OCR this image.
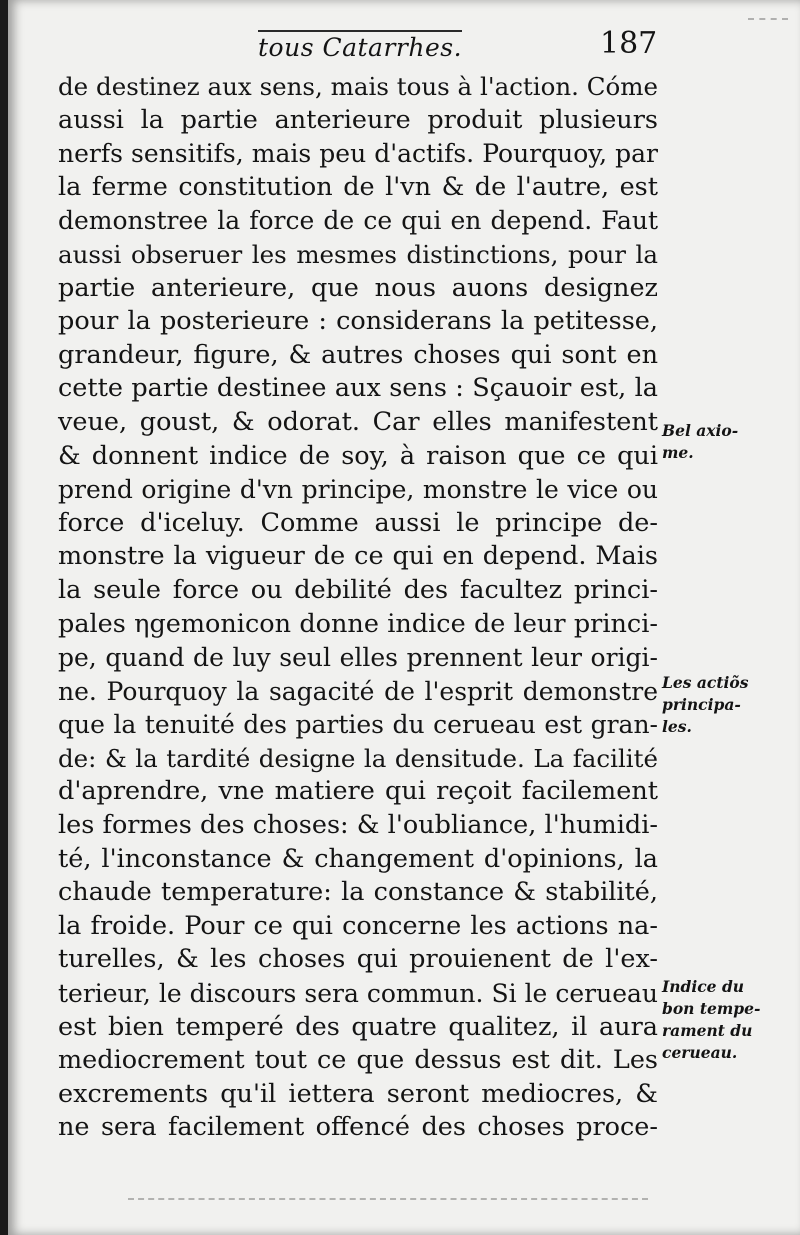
tous Catarrhes.	187
de destinez aux sens, mais tous à l'action. Cóme
aussi la partie anterieure produit plusieurs
nerfs sensitifs, mais peu d'actifs. Pourquoy, par
la ferme constitution de l'vn & de l'autre, est
demonstree la force de ce qui en depend. Faut
aussi obseruer les mesmes distinctions, pour la
partie anterieure, que nous auons designez
pour la posterieure : considerans la petitesse,
grandeur, figure, & autres choses qui sont en
cette partie destinee aux sens : Sçauoir est, la
veue, goust, & odorat. Car elles manifestent
& donnent indice de soy, à raison que ce qui
prend origine d'vn principe, monstre le vice ou
force d'iceluy. Comme aussi le principe de-
monstre la vigueur de ce qui en depend. Mais
la seule force ou debilité des facultez princi-
pales ηgemonicon donne indice de leur princi-
pe, quand de luy seul elles prennent leur origi-
ne. Pourquoy la sagacité de l'esprit demonstre
que la tenuité des parties du cerueau est gran-
de: & la tardité designe la densitude. La facilité
d'aprendre, vne matiere qui reçoit facilement
les formes des choses: & l'oubliance, l'humidi-
té, l'inconstance & changement d'opinions, la
chaude temperature: la constance & stabilité,
la froide. Pour ce qui concerne les actions na-
turelles, & les choses qui prouienent de l'ex-
terieur, le discours sera commun. Si le cerueau
est bien temperé des quatre qualitez, il aura
mediocrement tout ce que dessus est dit. Les
excrements qu'il iettera seront mediocres, &
ne sera facilement offencé des choses proce-
Bel axio-
me.
Les actiõs
principa-
les.
Indice du
bon tempe-
rament du
cerueau.
